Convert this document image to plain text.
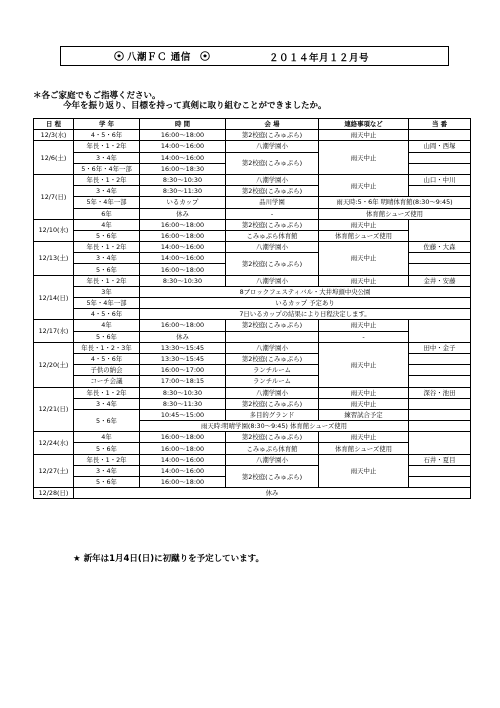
八潮ＦＣ 通信	２０１４年月１２月号
＊各ご家庭でもご指導ください。
今年を振り返り、目標を持って真剣に取り組むことができましたか。
日 程	学 年	時 間	会 場	連絡事項など	当 番
12/3(水)	4・5・6年	16:00～18:00	第2校庭(こみゅぷら)	雨天中止	
12/6(土)	年長・1・2年	14:00～16:00	八潮学園小	雨天中止	山岡・西塚
	3・4年	14:00～16:00	第2校庭(こみゅぷら)		
	5・6年・4年一部	16:00～18:30			
12/7(日)	年長・1・2年	8:30～10:30	八潮学園小	雨天中止	山口・中川
	3・4年	8:30～11:30	第2校庭(こみゅぷら)		
	5年・4年一部	いるカップ	品川学園	雨天時:5・6年 明晴体育館(8:30～9:45)	
	6年	休み	-	体育館シューズ使用	
12/10(水)	4年	16:00～18:00	第2校庭(こみゅぷら)	雨天中止	
	5・6年	16:00～18:00	こみゅぷら体育館	体育館シューズ使用	
12/13(土)	年長・1・2年	14:00～16:00	八潮学園小	雨天中止	佐藤・大森
	3・4年	14:00～16:00	第2校庭(こみゅぷら)		
	5・6年	16:00～18:00			
12/14(日)	年長・1・2年	8:30～10:30	八潮学園小	雨天中止	金井・安藤
	3年	8ブロックフェスティバル・大井埠頭中央公園			
	5年・4年一部	いるカップ 予定あり			
	4・5・6年	7日いるカップの結果により日程決定します。			
12/17(水)	4年	16:00～18:00	第2校庭(こみゅぷら)	雨天中止	
	5・6年	休み		-	
12/20(土)	年長・1・2・3年	13:30～15:45	八潮学園小	雨天中止	田中・金子
	4・5・6年	13:30～15:45	第2校庭(こみゅぷら)		
	子供の納会	16:00～17:00	ランチルーム		
	コーチ会議	17:00～18:15	ランチルーム		
12/21(日)	年長・1・2年	8:30～10:30	八潮学園小	雨天中止	深谷・池田
	3・4年	8:30～11:30	第2校庭(こみゅぷら)	雨天中止	
	5・6年	10:45～15:00	多目的グランド	練習試合予定	
		雨天時:明晴学園(8:30～9:45) 体育館シューズ使用			
12/24(水)	4年	16:00～18:00	第2校庭(こみゅぷら)	雨天中止	
	5・6年	16:00～18:00	こみゅぷら体育館	体育館シューズ使用	
12/27(土)	年長・1・2年	14:00～16:00	八潮学園小	雨天中止	石井・夏目
	3・4年	14:00～16:00	第2校庭(こみゅぷら)		
	5・6年	16:00～18:00			
12/28(日)	休み				
★ 新年は1月4日(日)に初蹴りを予定しています。
